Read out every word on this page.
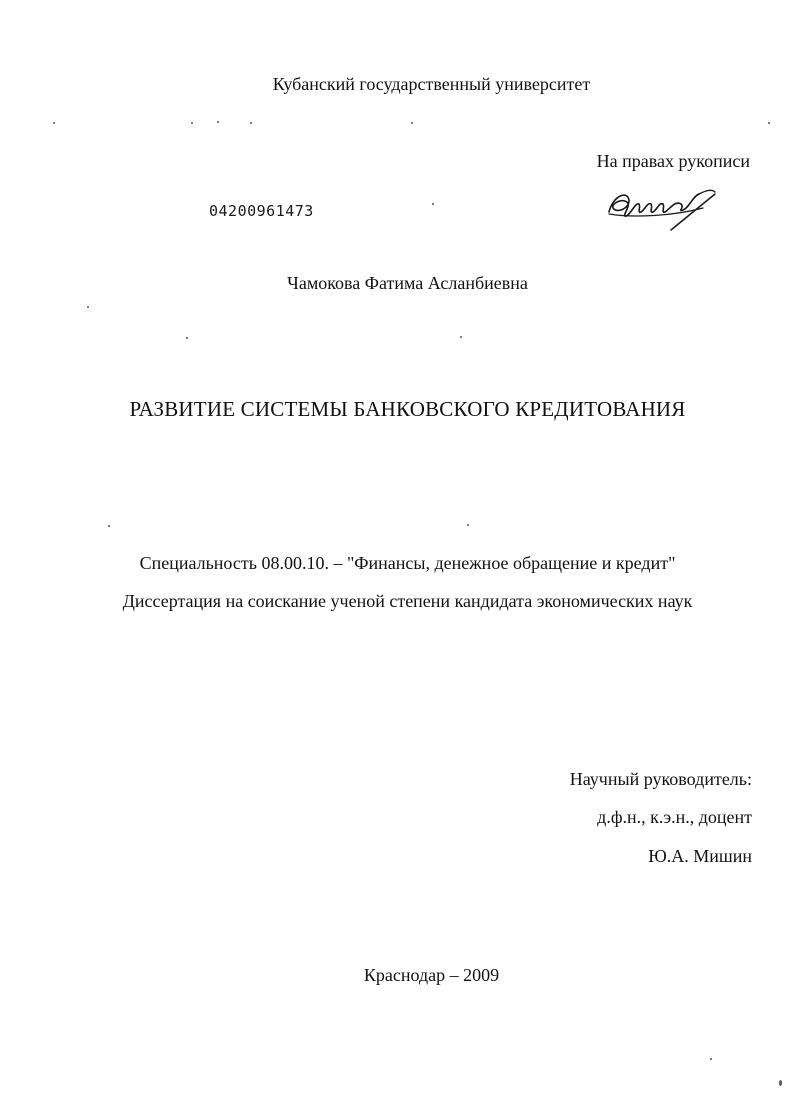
Кубанский государственный университет
На правах рукописи
04200961473
Чамокова Фатима Асланбиевна
РАЗВИТИЕ СИСТЕМЫ БАНКОВСКОГО КРЕДИТОВАНИЯ
Специальность 08.00.10. – "Финансы, денежное обращение и кредит"
Диссертация на соискание ученой степени кандидата экономических наук
Научный руководитель:
д.ф.н., к.э.н., доцент
Ю.А. Мишин
Краснодар – 2009
